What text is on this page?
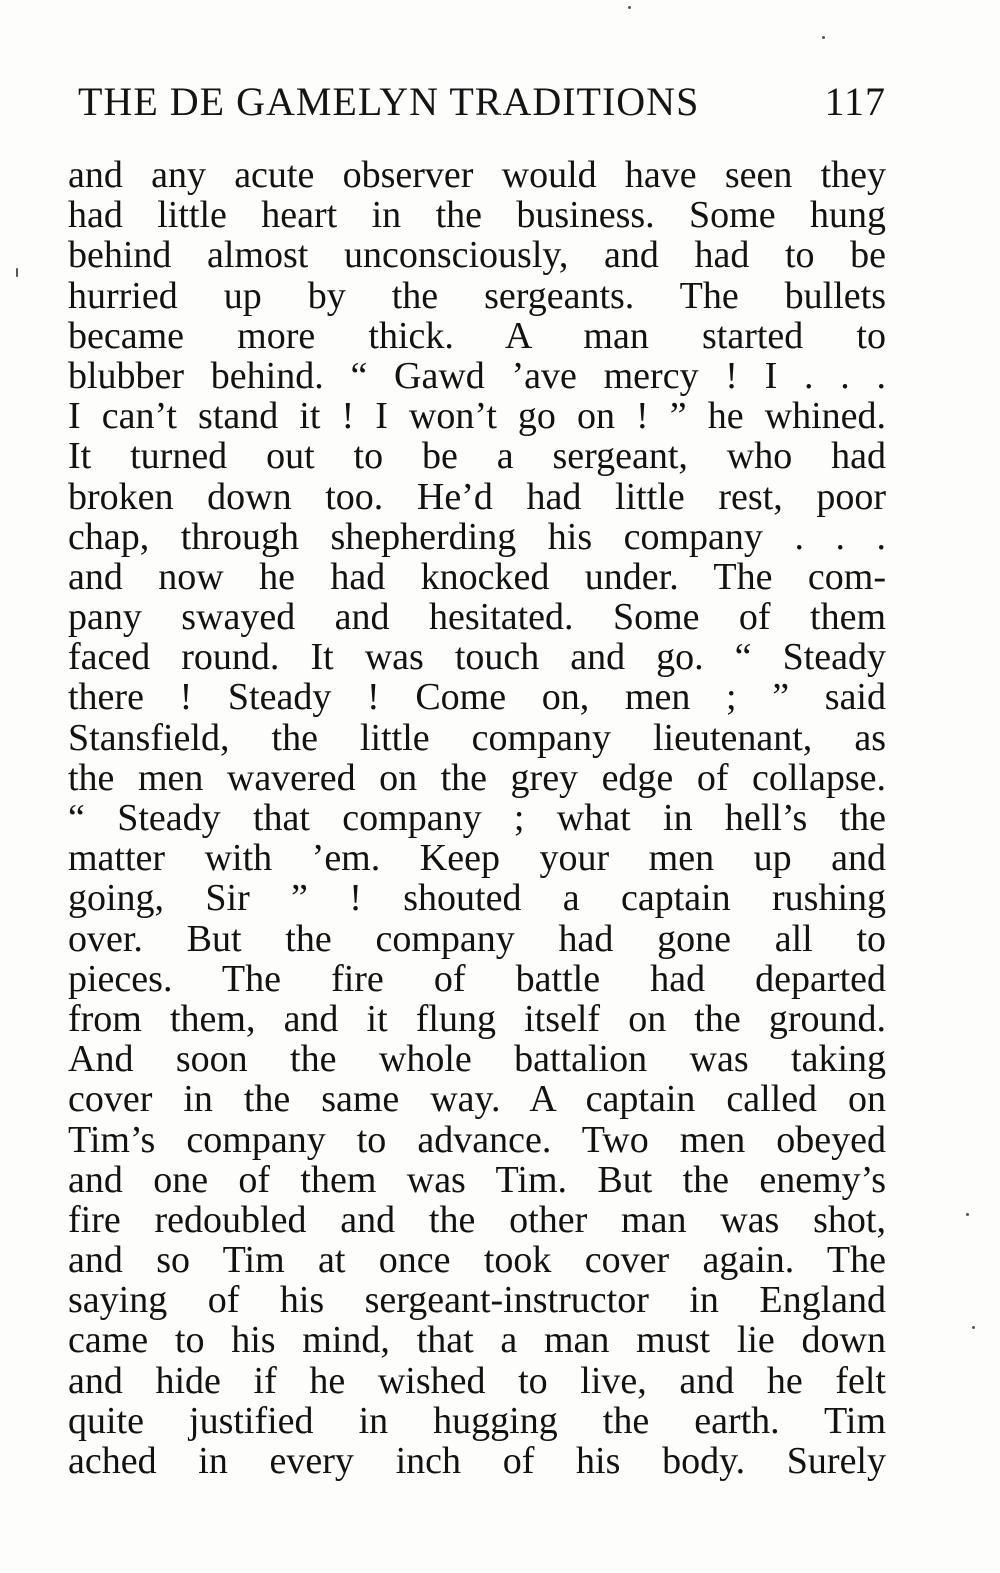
THE DE GAMELYN TRADITIONS	117
and any acute observer would have seen they
had little heart in the business. Some hung
behind almost unconsciously, and had to be
hurried up by the sergeants. The bullets
became more thick. A man started to
blubber behind. “ Gawd ’ave mercy ! I . . .
I can’t stand it ! I won’t go on ! ” he whined.
It turned out to be a sergeant, who had
broken down too. He’d had little rest, poor
chap, through shepherding his company . . .
and now he had knocked under. The com-
pany swayed and hesitated. Some of them
faced round. It was touch and go. “ Steady
there ! Steady ! Come on, men ; ” said
Stansfield, the little company lieutenant, as
the men wavered on the grey edge of collapse.
“ Steady that company ; what in hell’s the
matter with ’em. Keep your men up and
going, Sir ” ! shouted a captain rushing
over. But the company had gone all to
pieces. The fire of battle had departed
from them, and it flung itself on the ground.
And soon the whole battalion was taking
cover in the same way. A captain called on
Tim’s company to advance. Two men obeyed
and one of them was Tim. But the enemy’s
fire redoubled and the other man was shot,
and so Tim at once took cover again. The
saying of his sergeant-instructor in England
came to his mind, that a man must lie down
and hide if he wished to live, and he felt
quite justified in hugging the earth. Tim
ached in every inch of his body. Surely
